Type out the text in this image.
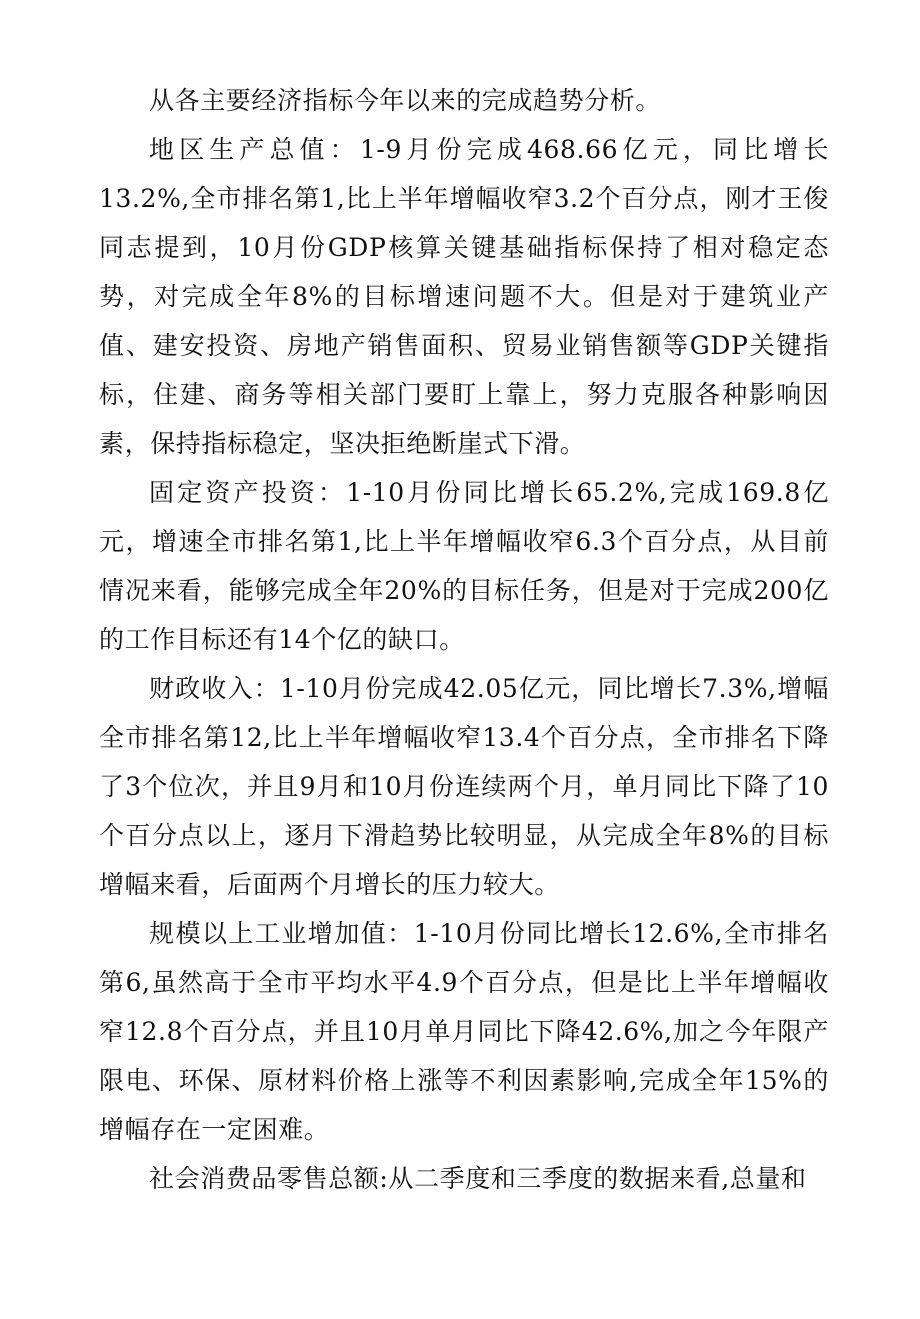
从各主要经济指标今年以来的完成趋势分析。

地区生产总值：1-9月份完成468.66亿元，同比增长13.2%,全市排名第1,比上半年增幅收窄3.2个百分点，刚才王俊同志提到，10月份GDP核算关键基础指标保持了相对稳定态势，对完成全年8%的目标增速问题不大。但是对于建筑业产值、建安投资、房地产销售面积、贸易业销售额等GDP关键指标，住建、商务等相关部门要盯上靠上，努力克服各种影响因素，保持指标稳定，坚决拒绝断崖式下滑。

固定资产投资：1-10月份同比增长65.2%,完成169.8亿元，增速全市排名第1,比上半年增幅收窄6.3个百分点，从目前情况来看，能够完成全年20%的目标任务，但是对于完成200亿的工作目标还有14个亿的缺口。

财政收入：1-10月份完成42.05亿元，同比增长7.3%,增幅全市排名第12,比上半年增幅收窄13.4个百分点，全市排名下降了3个位次，并且9月和10月份连续两个月，单月同比下降了10个百分点以上，逐月下滑趋势比较明显，从完成全年8%的目标增幅来看，后面两个月增长的压力较大。

规模以上工业增加值：1-10月份同比增长12.6%,全市排名第6,虽然高于全市平均水平4.9个百分点，但是比上半年增幅收窄12.8个百分点，并且10月单月同比下降42.6%,加之今年限产限电、环保、原材料价格上涨等不利因素影响,完成全年15%的增幅存在一定困难。

社会消费品零售总额:从二季度和三季度的数据来看,总量和
